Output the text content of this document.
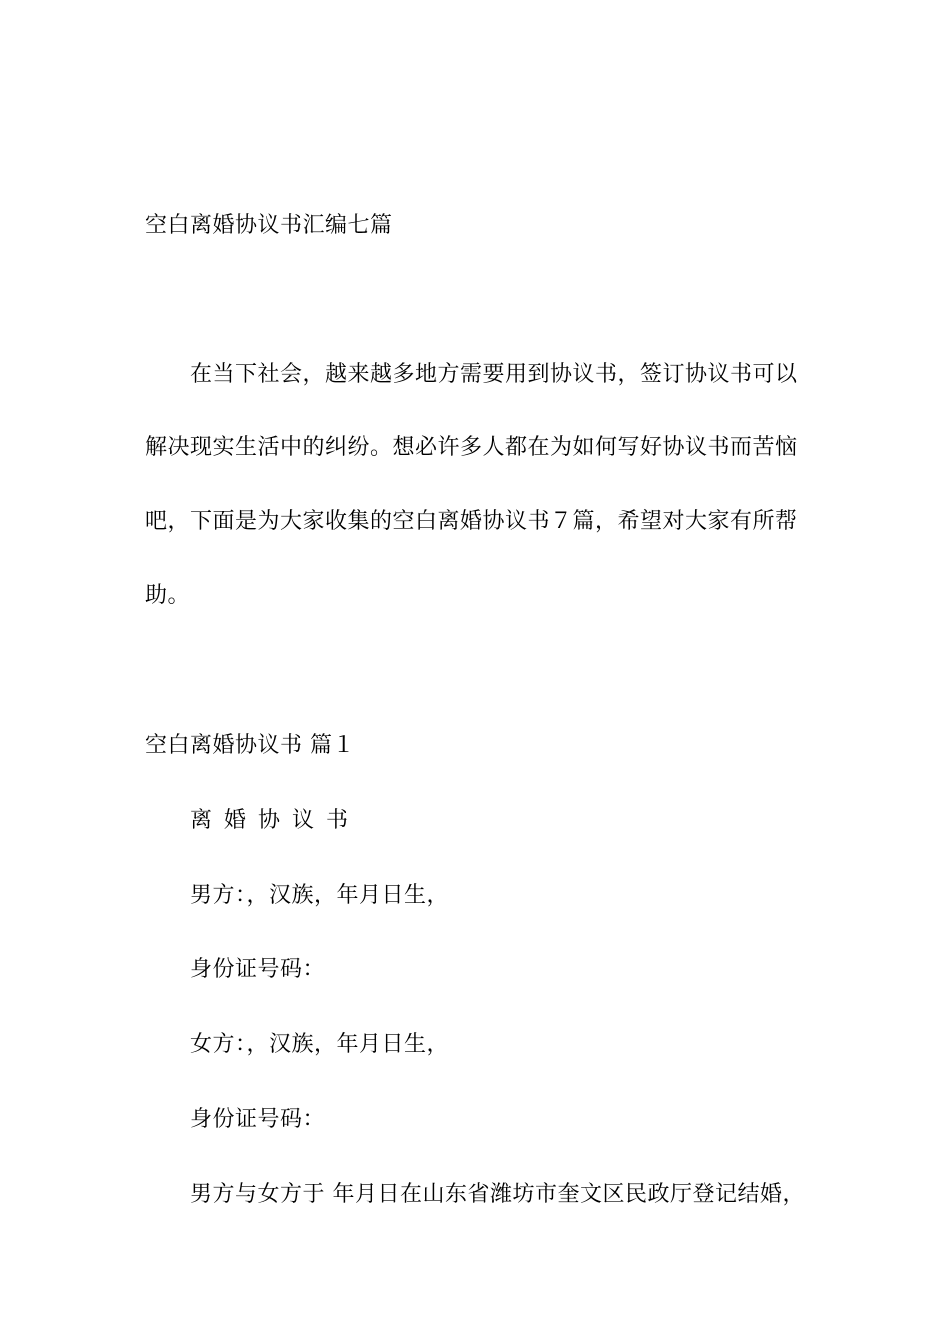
空白离婚协议书汇编七篇
在当下社会，越来越多地方需要用到协议书，签订协议书可以
解决现实生活中的纠纷。想必许多人都在为如何写好协议书而苦恼
吧，下面是为大家收集的空白离婚协议书７篇，希望对大家有所帮
助。
空白离婚协议书 篇１
离婚协议书
男方：，汉族，年月日生，
身份证号码：
女方：，汉族，年月日生，
身份证号码：
男方与女方于 年月日在山东省潍坊市奎文区民政厅登记结婚，
